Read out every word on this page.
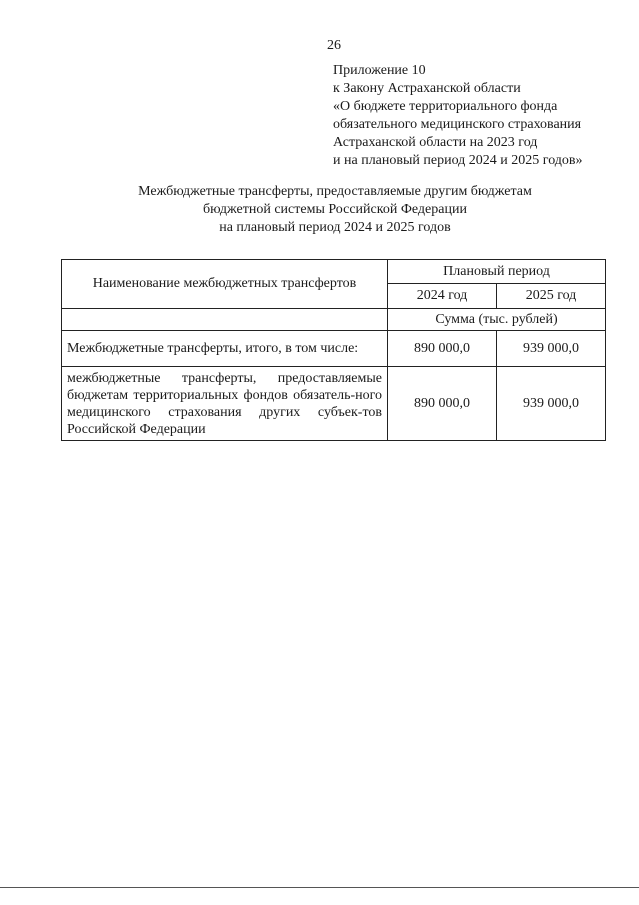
26
Приложение 10
к Закону Астраханской области
«О бюджете территориального фонда
обязательного медицинского страхования
Астраханской области на 2023 год
и на плановый период 2024 и 2025 годов»
Межбюджетные трансферты, предоставляемые другим бюджетам
бюджетной системы Российской Федерации
на плановый период 2024 и 2025 годов
Наименование межбюджетных трансфертов	Плановый период	
	2024 год	2025 год
	Сумма (тыс. рублей)	
Межбюджетные трансферты, итого, в том числе:	890 000,0	939 000,0
межбюджетные трансферты, предоставляемые бюджетам территориальных фондов обязатель-ного медицинского страхования других субъек-тов Российской Федерации	890 000,0	939 000,0
